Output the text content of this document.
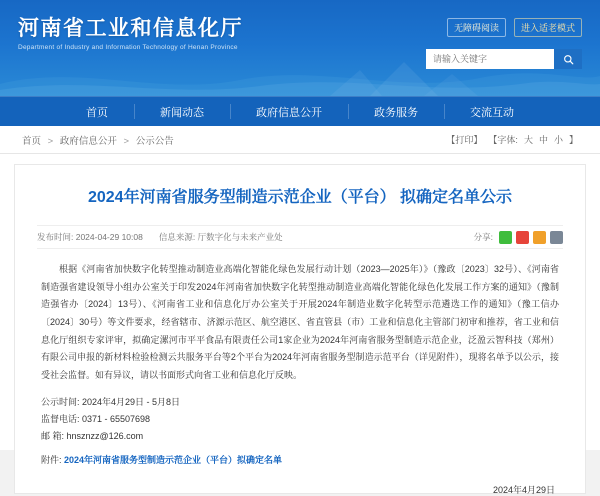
河南省工业和信息化厅
Department of Industry and Information Technology of Henan Province
无障碍阅读	进入适老模式
请输入关键字
首页	新闻动态	政府信息公开	政务服务	交流互动
首页 > 政府信息公开 > 公示公告	【打印】 【字体: 大 中 小 】
2024年河南省服务型制造示范企业（平台） 拟确定名单公示
发布时间: 2024-04-29 10:08 信息来源: 厅数字化与未来产业处	分享:

根据《河南省加快数字化转型推动制造业高端化智能化绿色发展行动计划（2023—2025年）》（豫政〔2023〕32号）、《河南省制造强省建设领导小组办公室关于印发2024年河南省加快数字化转型推动制造业高端化智能化绿色化发展工作方案的通知》（豫制造强省办〔2024〕13号）、《河南省工业和信息化厅办公室关于开展2024年制造业数字化转型示范遴选工作的通知》（豫工信办〔2024〕30号）等文件要求，经省辖市、济源示范区、航空港区、省直管县（市）工业和信息化主管部门初审和推荐，省工业和信息化厅组织专家评审，拟确定漯河市平平食品有限责任公司1家企业为2024年河南省服务型制造示范企业，泛盈云智科技（郑州）有限公司申报的新材料检验检测云共服务平台等2个平台为2024年河南省服务型制造示范平台（详见附件），现将名单予以公示，接受社会监督。如有异议，请以书面形式向省工业和信息化厅反映。

公示时间: 2024年4月29日 - 5月8日
监督电话: 0371 - 65507698
邮 箱: hnsznzz@126.com
附件: 2024年河南省服务型制造示范企业（平台）拟确定名单
2024年4月29日
